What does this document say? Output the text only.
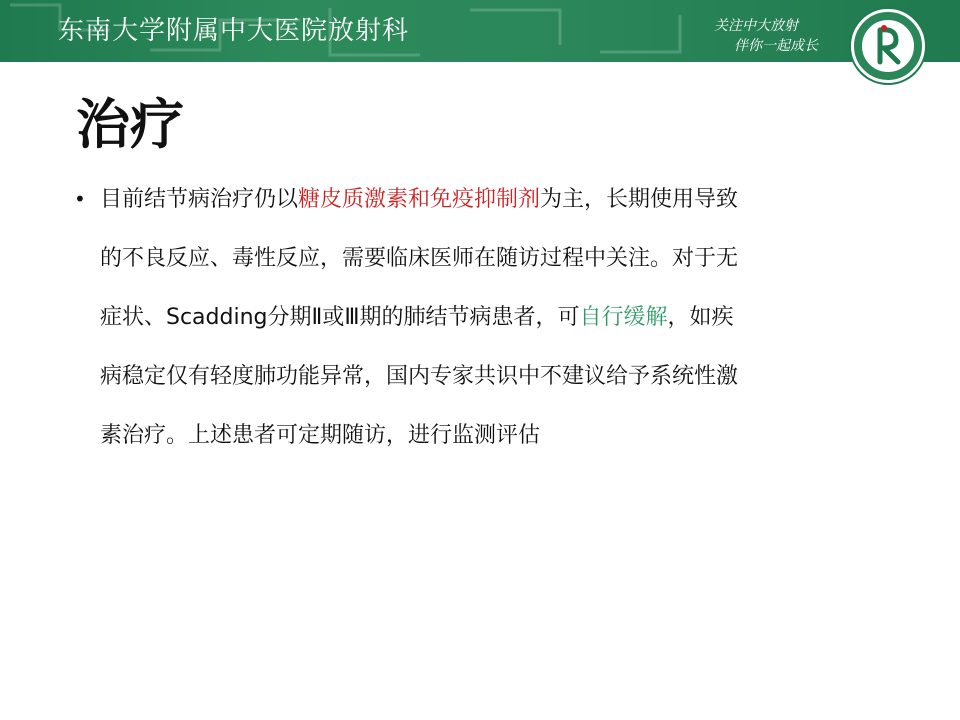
东南大学附属中大医院放射科	关注中大放射
伴你一起成长
治疗
• 目前结节病治疗仍以糖皮质激素和免疫抑制剂为主，长期使用导致
的不良反应、毒性反应，需要临床医师在随访过程中关注。对于无
症状、Scadding分期Ⅱ或Ⅲ期的肺结节病患者，可自行缓解，如疾
病稳定仅有轻度肺功能异常，国内专家共识中不建议给予系统性激
素治疗。上述患者可定期随访，进行监测评估
